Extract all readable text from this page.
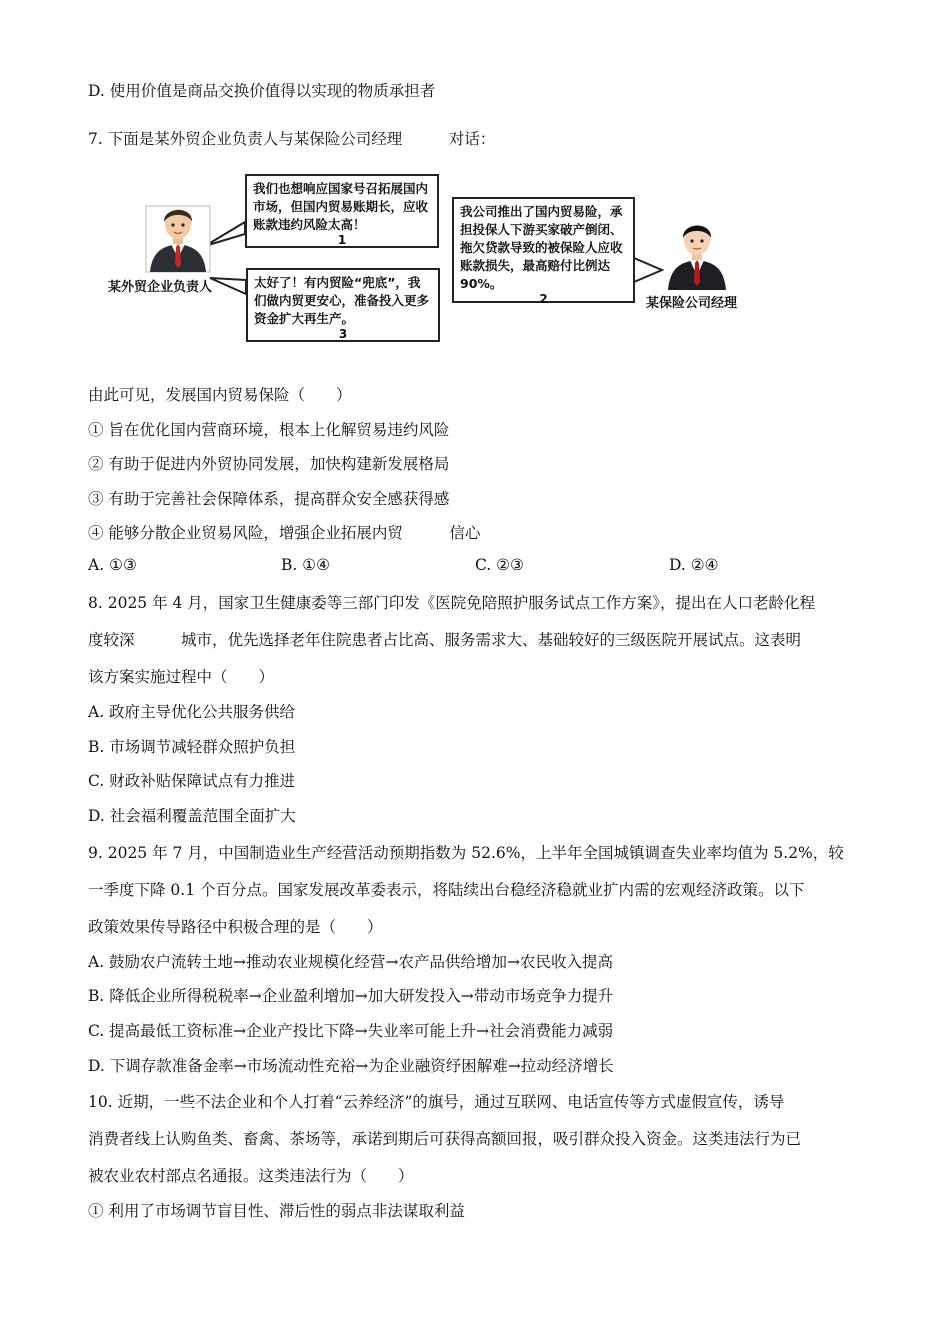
D. 使用价值是商品交换价值得以实现的物质承担者
7. 下面是某外贸企业负责人与某保险公司经理　　　对话：
我们也想响应国家号召拓展国内市场，但国内贸易账期长，应收账款违约风险太高！
1
太好了！有内贸险“兜底”，我们做内贸更安心，准备投入更多资金扩大再生产。
3
我公司推出了国内贸易险，承担投保人下游买家破产倒闭、拖欠贷款导致的被保险人应收账款损失，最高赔付比例达90%。
2
某外贸企业负责人
某保险公司经理
由此可见，发展国内贸易保险（　　）
① 旨在优化国内营商环境，根本上化解贸易违约风险
② 有助于促进内外贸协同发展，加快构建新发展格局
③ 有助于完善社会保障体系，提高群众安全感获得感
④ 能够分散企业贸易风险，增强企业拓展内贸　　　信心
A. ①③	B. ①④	C. ②③	D. ②④
8. 2025 年 4 月，国家卫生健康委等三部门印发《医院免陪照护服务试点工作方案》，提出在人口老龄化程
度较深　　　城市，优先选择老年住院患者占比高、服务需求大、基础较好的三级医院开展试点。这表明
该方案实施过程中（　　）
A. 政府主导优化公共服务供给
B. 市场调节减轻群众照护负担
C. 财政补贴保障试点有力推进
D. 社会福利覆盖范围全面扩大
9. 2025 年 7 月，中国制造业生产经营活动预期指数为 52.6%，上半年全国城镇调查失业率均值为 5.2%，较
一季度下降 0.1 个百分点。国家发展改革委表示，将陆续出台稳经济稳就业扩内需的宏观经济政策。以下
政策效果传导路径中积极合理的是（　　）
A. 鼓励农户流转土地→推动农业规模化经营→农产品供给增加→农民收入提高
B. 降低企业所得税税率→企业盈利增加→加大研发投入→带动市场竞争力提升
C. 提高最低工资标准→企业产投比下降→失业率可能上升→社会消费能力减弱
D. 下调存款准备金率→市场流动性充裕→为企业融资纾困解难→拉动经济增长
10. 近期，一些不法企业和个人打着“云养经济”的旗号，通过互联网、电话宣传等方式虚假宣传，诱导
消费者线上认购鱼类、畜禽、茶场等，承诺到期后可获得高额回报，吸引群众投入资金。这类违法行为已
被农业农村部点名通报。这类违法行为（　　）
① 利用了市场调节盲目性、滞后性的弱点非法谋取利益
